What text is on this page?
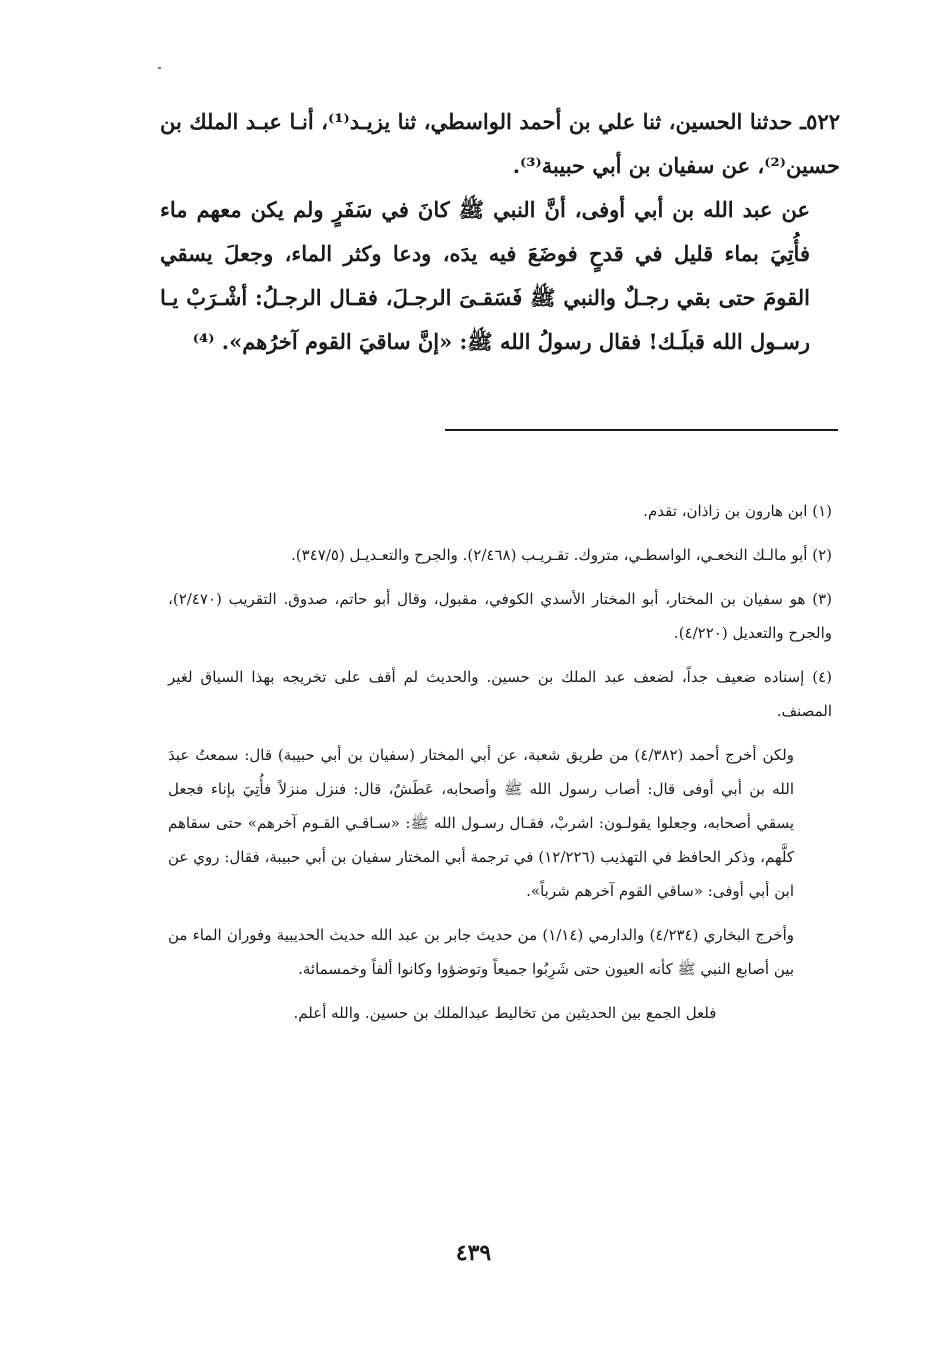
٥٢٢ـ حدثنا الحسين، ثنا علي بن أحمد الواسطي، ثنا يزيـد⁽¹⁾، أنـا عبـد الملك بن حسين⁽²⁾، عن سفيان بن أبي حبيبة⁽³⁾.

عن عبد الله بن أبي أوفى، أنَّ النبي ﷺ كانَ في سَفَرٍ ولم يكن معهم ماء فأُتِيَ بماء قليل في قدحٍ فوضَعَ فيه يدَه، ودعا وكثر الماء، وجعلَ يسقي القومَ حتى بقي رجـلٌ والنبي ﷺ فَسَقـىَ الرجـلَ، فقـال الرجـلُ: أشْـرَبْ يـا رسـول الله قبلَـك! فقال رسولُ الله ﷺ: «إنَّ ساقيَ القوم آخرُهم». ⁽⁴⁾

(١) ابن هارون بن زاذان، تقدم.

(٢) أبو مالـك النخعـي، الواسطـي، متروك. تقـريـب (٢/٤٦٨). والجرح والتعـديـل (٣٤٧/٥).

(٣) هو سفيان بن المختار، أبو المختار الأسدي الكوفي، مقبول، وقال أبو حاتم، صدوق. التقريب (٢/٤٧٠)، والجرح والتعديل (٤/٢٢٠).

(٤) إسناده ضعيف جداً، لضعف عبد الملك بن حسين. والحديث لم أقف على تخريجه بهذا السياق لغير المصنف.

ولكن أخرج أحمد (٤/٣٨٢) من طريق شعبة، عن أبي المختار (سفيان بن أبي حبيبة) قال: سمعتُ عبدَ الله بن أبي أوفى قال: أصاب رسول الله ﷺ وأصحابه، عَطَشٌ، قال: فنزل منزلاً فأُتِيَ بإناء فجعل يسقي أصحابه، وجعلوا يقولـون: اشربْ، فقـال رسـول الله ﷺ: «سـاقـي القـوم آخرهم» حتى سقاهم كلَّهم، وذكر الحافظ في التهذيب (١٢/٢٢٦) في ترجمة أبي المختار سفيان بن أبي حبيبة، فقال: روي عن ابن أبي أوفى: «ساقي القوم آخرهم شرباً».

وأخرج البخاري (٤/٢٣٤) والدارمي (١/١٤) من حديث جابر بن عبد الله حديث الحديبية وفوران الماء من بين أصابع النبي ﷺ كأنه العيون حتى شَرِبُوا جميعاً وتوضؤوا وكانوا ألفاً وخمسمائة.

فلعل الجمع بين الحديثين من تخاليط عبدالملك بن حسين. والله أعلم.

٤٣٩
